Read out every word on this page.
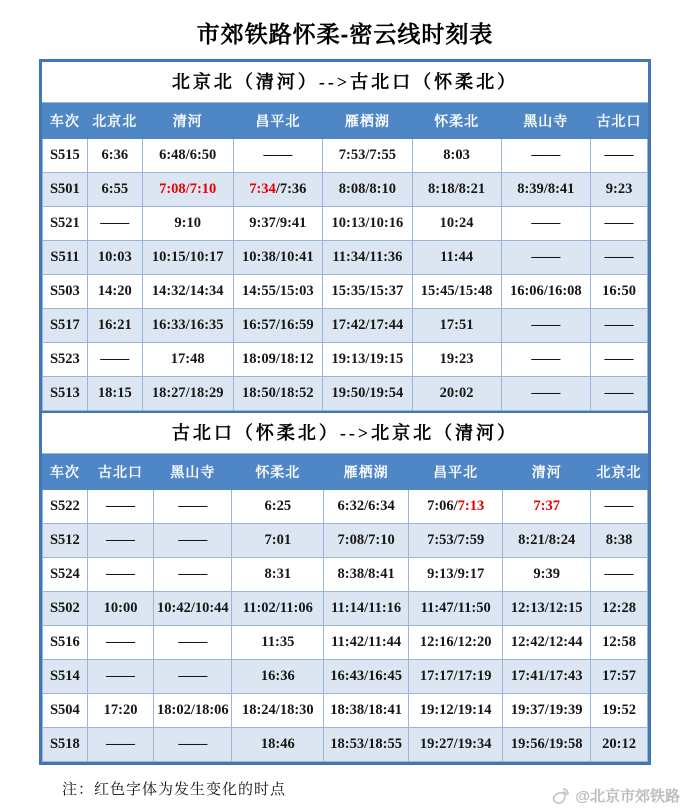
市郊铁路怀柔-密云线时刻表
北京北（清河）-->古北口（怀柔北）
车次	北京北	清河	昌平北	雁栖湖	怀柔北	黑山寺	古北口
S515	6:36	6:48/6:50	——	7:53/7:55	8:03	——	——
S501	6:55	7:08/7:10	7:34/7:36	8:08/8:10	8:18/8:21	8:39/8:41	9:23
S521	——	9:10	9:37/9:41	10:13/10:16	10:24	——	——
S511	10:03	10:15/10:17	10:38/10:41	11:34/11:36	11:44	——	——
S503	14:20	14:32/14:34	14:55/15:03	15:35/15:37	15:45/15:48	16:06/16:08	16:50
S517	16:21	16:33/16:35	16:57/16:59	17:42/17:44	17:51	——	——
S523	——	17:48	18:09/18:12	19:13/19:15	19:23	——	——
S513	18:15	18:27/18:29	18:50/18:52	19:50/19:54	20:02	——	——
古北口（怀柔北）-->北京北（清河）
车次	古北口	黑山寺	怀柔北	雁栖湖	昌平北	清河	北京北
S522	——	——	6:25	6:32/6:34	7:06/7:13	7:37	——
S512	——	——	7:01	7:08/7:10	7:53/7:59	8:21/8:24	8:38
S524	——	——	8:31	8:38/8:41	9:13/9:17	9:39	——
S502	10:00	10:42/10:44	11:02/11:06	11:14/11:16	11:47/11:50	12:13/12:15	12:28
S516	——	——	11:35	11:42/11:44	12:16/12:20	12:42/12:44	12:58
S514	——	——	16:36	16:43/16:45	17:17/17:19	17:41/17:43	17:57
S504	17:20	18:02/18:06	18:24/18:30	18:38/18:41	19:12/19:14	19:37/19:39	19:52
S518	——	——	18:46	18:53/18:55	19:27/19:34	19:56/19:58	20:12
注：红色字体为发生变化的时点	@北京市郊铁路
